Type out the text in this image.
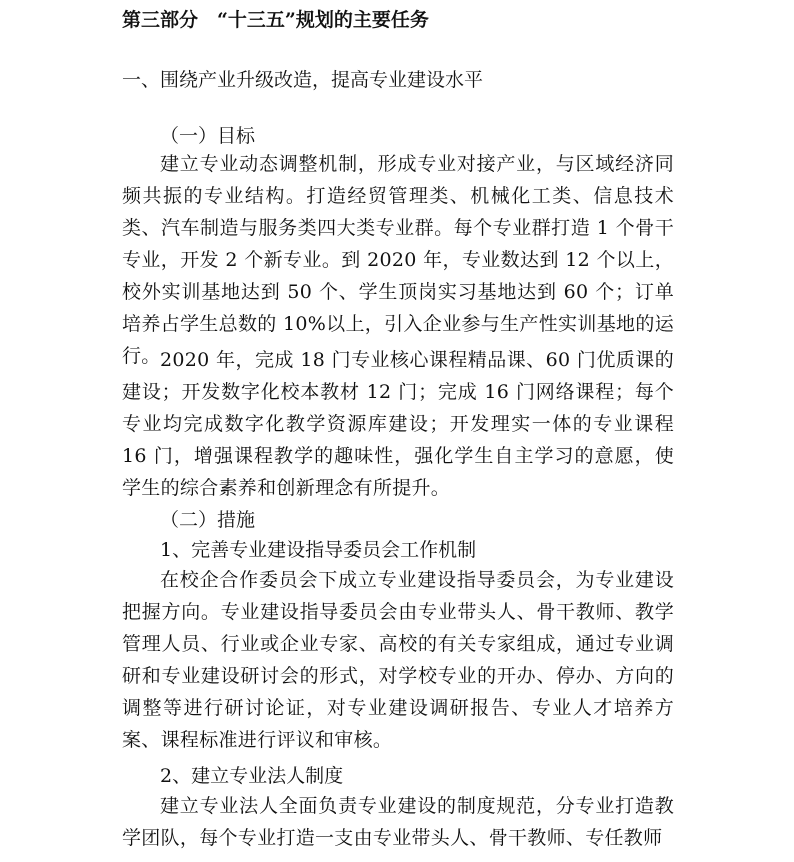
第三部分　“十三五”规划的主要任务
一、围绕产业升级改造，提高专业建设水平
（一）目标
建立专业动态调整机制，形成专业对接产业，与区域经济同频共振的专业结构。打造经贸管理类、机械化工类、信息技术类、汽车制造与服务类四大类专业群。每个专业群打造 1 个骨干专业，开发 2 个新专业。到 2020 年，专业数达到 12 个以上，校外实训基地达到 50 个、学生顶岗实习基地达到 60 个；订单培养占学生总数的 10%以上，引入企业参与生产性实训基地的运行。 2020 年，完成 18 门专业核心课程精品课、60 门优质课的建设；开发数字化校本教材 12 门；完成 16 门网络课程；每个专业均完成数字化教学资源库建设；开发理实一体的专业课程 16 门，增强课程教学的趣味性，强化学生自主学习的意愿，使学生的综合素养和创新理念有所提升。
（二）措施
1、完善专业建设指导委员会工作机制
在校企合作委员会下成立专业建设指导委员会，为专业建设把握方向。专业建设指导委员会由专业带头人、骨干教师、教学管理人员、行业或企业专家、高校的有关专家组成，通过专业调研和专业建设研讨会的形式，对学校专业的开办、停办、方向的调整等进行研讨论证，对专业建设调研报告、专业人才培养方案、课程标准进行评议和审核。
2、建立专业法人制度
建立专业法人全面负责专业建设的制度规范，分专业打造教学团队，每个专业打造一支由专业带头人、骨干教师、专任教师
